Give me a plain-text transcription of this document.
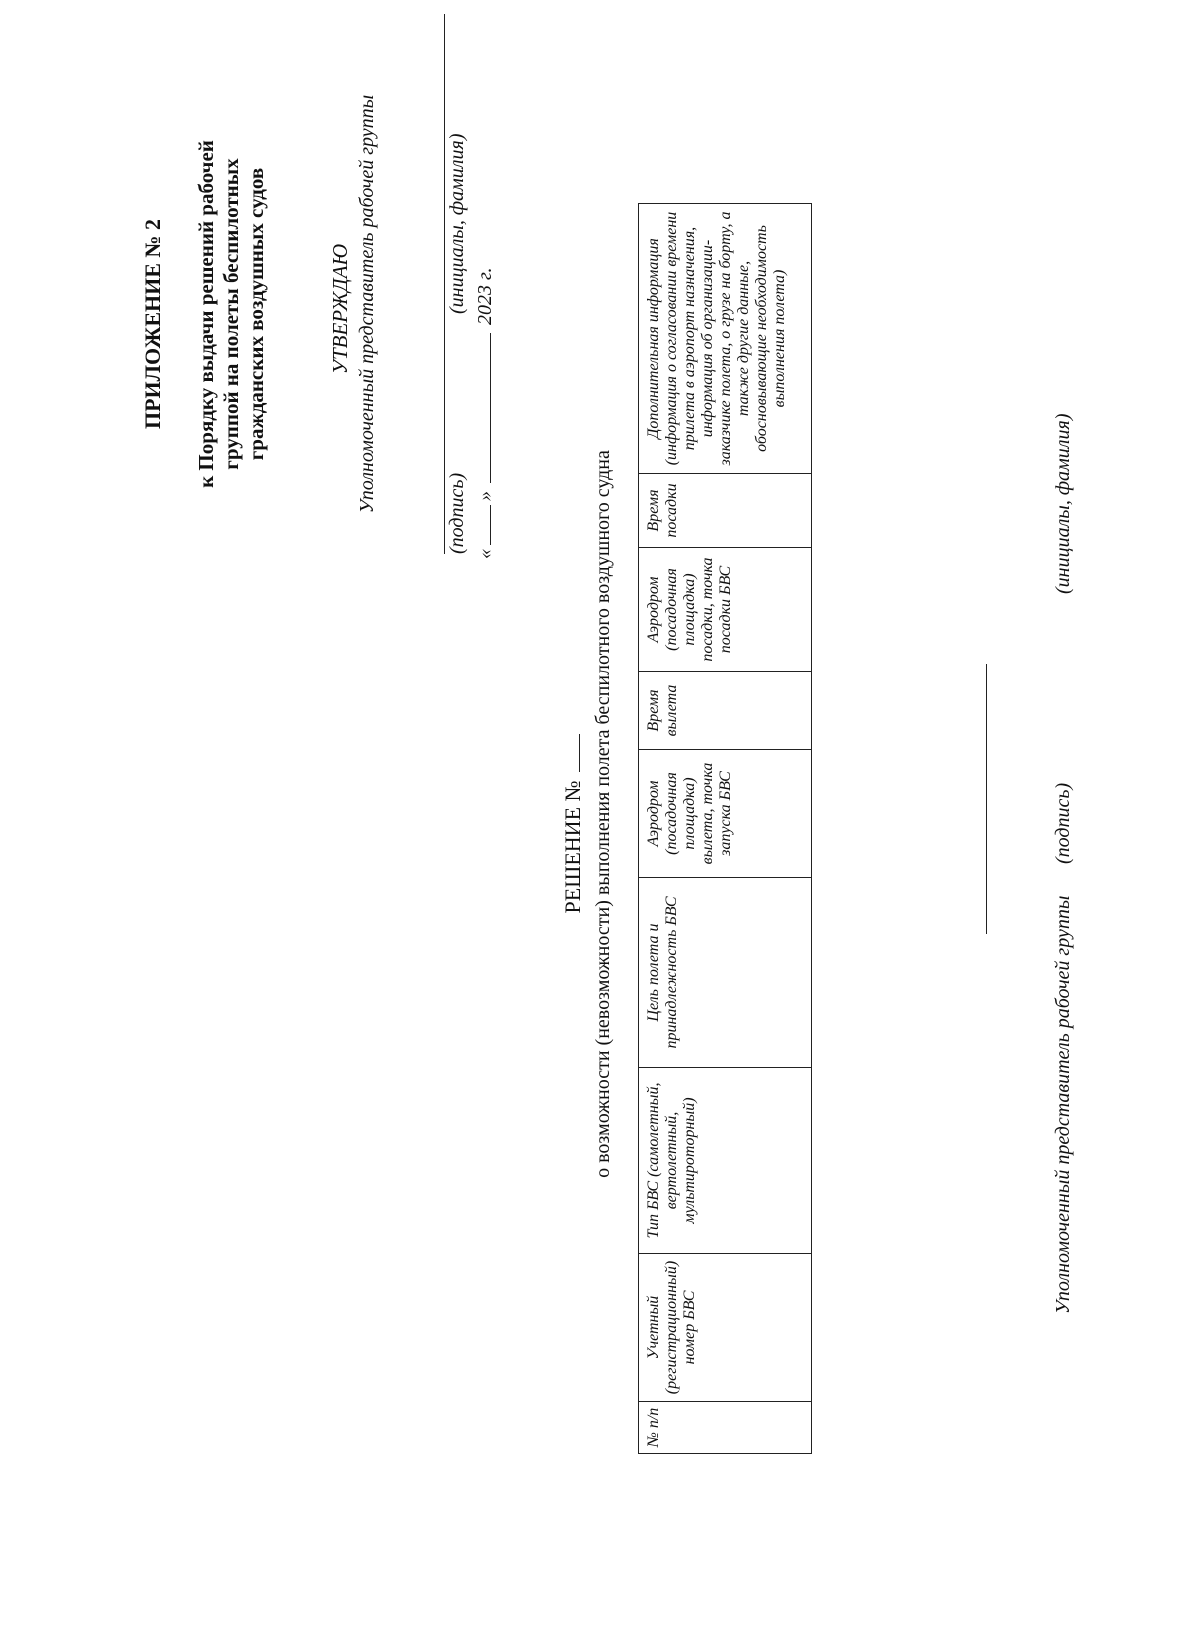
ПРИЛОЖЕНИЕ № 2 к Порядку выдачи решений рабочей группой на полеты беспилотных гражданских воздушных судов	УТВЕРЖДАЮ Уполномоченный представитель рабочей группы
(подпись)
(инициалы, фамилия)
«»2023 г.
РЕШЕНИЕ № о возможности (невозможности) выполнения полета беспилотного воздушного судна
№ п/п	Учетный (регистрационный) номер БВС	Тип БВС (самолетный, вертолетный, мультироторный)	Цель полета и принадлежность БВС	Аэродром (посадочная площадка) вылета, точка запуска БВС	Время вылета	Аэродром (посадочная площадка) посадки, точка посадки БВС	Время посадки	Дополнительная информация (информация о согласовании времени прилета в аэропорт назначения, информация об организации-заказчике полета, о грузе на борту, а также другие данные, обосновывающие необходимость выполнения полета)
Уполномоченный представитель рабочей группы
(подпись)
(инициалы, фамилия)
